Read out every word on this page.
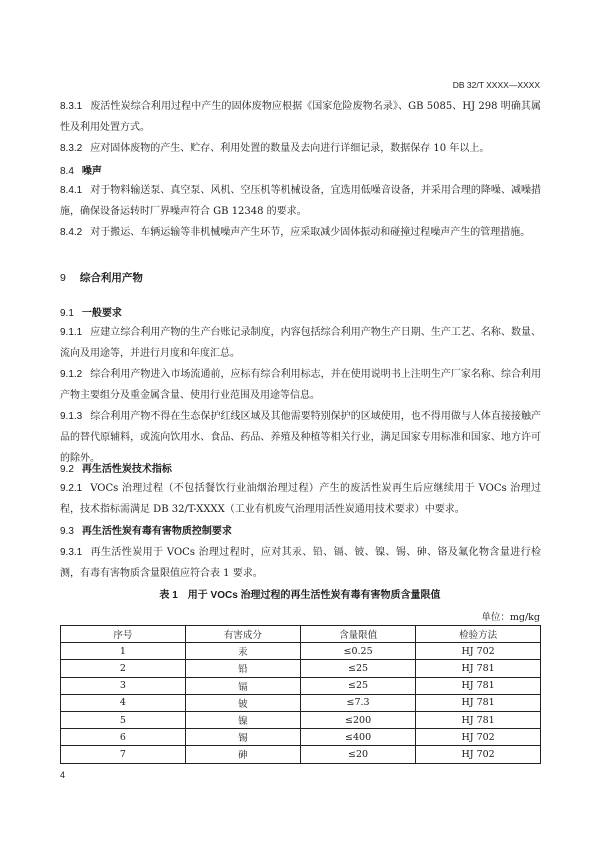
DB 32/T XXXX—XXXX
8.3.1 废活性炭综合利用过程中产生的固体废物应根据《国家危险废物名录》、GB 5085、HJ 298 明确其属性及利用处置方式。
8.3.2 应对固体废物的产生、贮存、利用处置的数量及去向进行详细记录，数据保存 10 年以上。
8.4 噪声
8.4.1 对于物料输送泵、真空泵、风机、空压机等机械设备，宜选用低噪音设备，并采用合理的降噪、减噪措施，确保设备运转时厂界噪声符合 GB 12348 的要求。
8.4.2 对于搬运、车辆运输等非机械噪声产生环节，应采取减少固体振动和碰撞过程噪声产生的管理措施。
9 综合利用产物
9.1 一般要求
9.1.1 应建立综合利用产物的生产台账记录制度，内容包括综合利用产物生产日期、生产工艺、名称、数量、流向及用途等，并进行月度和年度汇总。
9.1.2 综合利用产物进入市场流通前，应标有综合利用标志，并在使用说明书上注明生产厂家名称、综合利用产物主要组分及重金属含量、使用行业范围及用途等信息。
9.1.3 综合利用产物不得在生态保护红线区域及其他需要特别保护的区域使用，也不得用做与人体直接接触产品的替代原辅料，或流向饮用水、食品、药品、养殖及种植等相关行业，满足国家专用标准和国家、地方许可的除外。
9.2 再生活性炭技术指标
9.2.1 VOCs 治理过程（不包括餐饮行业油烟治理过程）产生的废活性炭再生后应继续用于 VOCs 治理过程，技术指标需满足 DB 32/T-XXXX（工业有机废气治理用活性炭通用技术要求）中要求。
9.3 再生活性炭有毒有害物质控制要求
9.3.1 再生活性炭用于 VOCs 治理过程时，应对其汞、铅、镉、铍、镍、锡、砷、铬及氟化物含量进行检测，有毒有害物质含量限值应符合表 1 要求。
表 1　用于 VOCs 治理过程的再生活性炭有毒有害物质含量限值
单位：mg/kg
序号	有害成分	含量限值	检验方法
1	汞	≤0.25	HJ 702
2	铅	≤25	HJ 781
3	镉	≤25	HJ 781
4	铍	≤7.3	HJ 781
5	镍	≤200	HJ 781
6	锡	≤400	HJ 702
7	砷	≤20	HJ 702
4
